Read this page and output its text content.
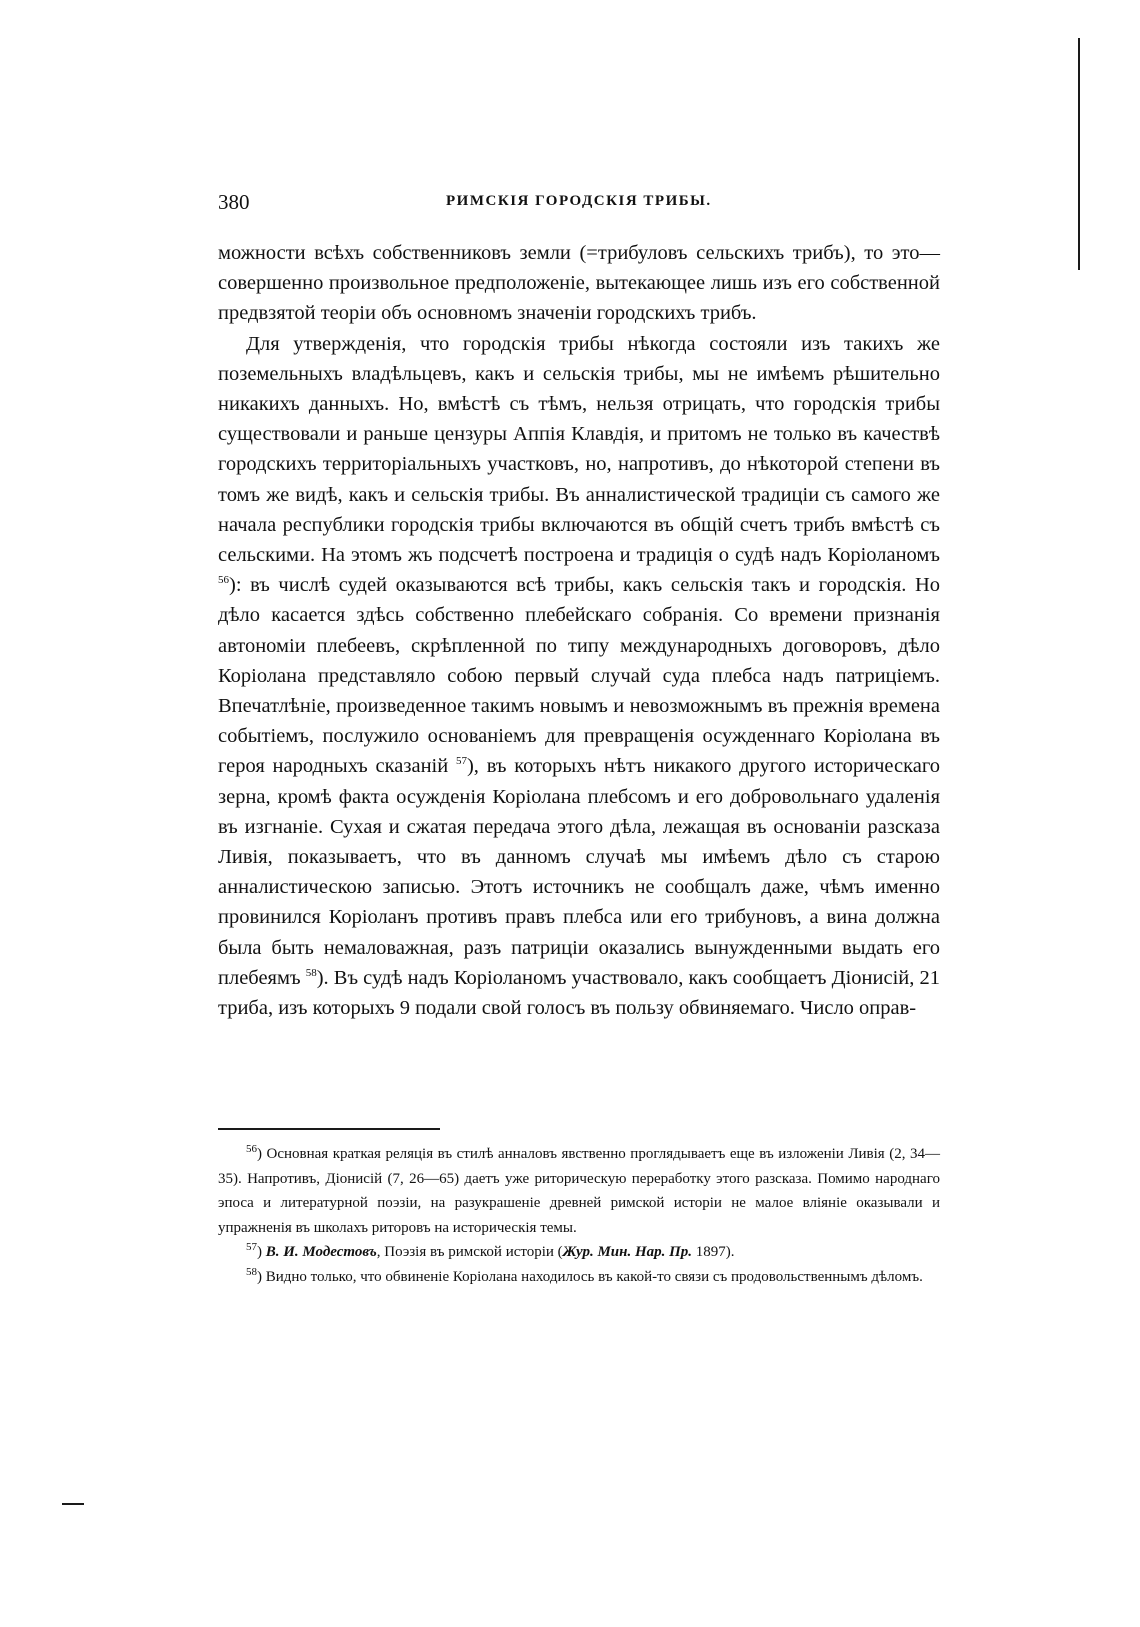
380	РИМСКІЯ ГОРОДСКІЯ ТРИБЫ.

можности всѣхъ собственниковъ земли (=трибуловъ сельскихъ трибъ), то это—совершенно произвольное предположеніе, вытекающее лишь изъ его собственной предвзятой теоріи объ основномъ значеніи городскихъ трибъ.

Для утвержденія, что городскія трибы нѣкогда состояли изъ такихъ же поземельныхъ владѣльцевъ, какъ и сельскія трибы, мы не имѣемъ рѣшительно никакихъ данныхъ. Но, вмѣстѣ съ тѣмъ, нельзя отрицать, что городскія трибы существовали и раньше цензуры Аппія Клавдія, и притомъ не только въ качествѣ городскихъ территоріальныхъ участковъ, но, напротивъ, до нѣкоторой степени въ томъ же видѣ, какъ и сельскія трибы. Въ анналистической традиціи съ самого же начала республики городскія трибы включаются въ общій счетъ трибъ вмѣстѣ съ сельскими. На этомъ жъ подсчетѣ построена и традиція о судѣ надъ Коріоланомъ $^{56}$): въ числѣ судей оказываются всѣ трибы, какъ сельскія такъ и городскія. Но дѣло касается здѣсь собственно плебейскаго собранія. Со времени признанія автономіи плебеевъ, скрѣпленной по типу международныхъ договоровъ, дѣло Коріолана представляло собою первый случай суда плебса надъ патриціемъ. Впечатлѣніе, произведенное такимъ новымъ и невозможнымъ въ прежнія времена событіемъ, послужило основаніемъ для превращенія осужденнаго Коріолана въ героя народныхъ сказаній $^{57}$), въ которыхъ нѣтъ никакого другого историческаго зерна, кромѣ факта осужденія Коріолана плебсомъ и его добровольнаго удаленія въ изгнаніе. Сухая и сжатая передача этого дѣла, лежащая въ основаніи разсказа Ливія, показываетъ, что въ данномъ случаѣ мы имѣемъ дѣло съ старою анналистическою записью. Этотъ источникъ не сообщалъ даже, чѣмъ именно провинился Коріоланъ противъ правъ плебса или его трибуновъ, а вина должна была быть немаловажная, разъ патриціи оказались вынужденными выдать его плебеямъ $^{58}$). Въ судѣ надъ Коріоланомъ участвовало, какъ сообщаетъ Діонисій, 21 триба, изъ которыхъ 9 подали свой голосъ въ пользу обвиняемаго. Число оправ-

$^{56}$) Основная краткая реляція въ стилѣ анналовъ явственно проглядываетъ еще въ изложеніи Ливія (2, 34—35). Напротивъ, Діонисій (7, 26—65) даетъ уже риторическую переработку этого разсказа. Помимо народнаго эпоса и литературной поэзіи, на разукрашеніе древней римской исторіи не малое вліяніе оказывали и упражненія въ школахъ риторовъ на историческія темы.

$^{57}$) В. И. Модестовъ, Поэзія въ римской исторіи (Жур. Мин. Нар. Пр. 1897).

$^{58}$) Видно только, что обвиненіе Коріолана находилось въ какой-то связи съ продовольственнымъ дѣломъ.
